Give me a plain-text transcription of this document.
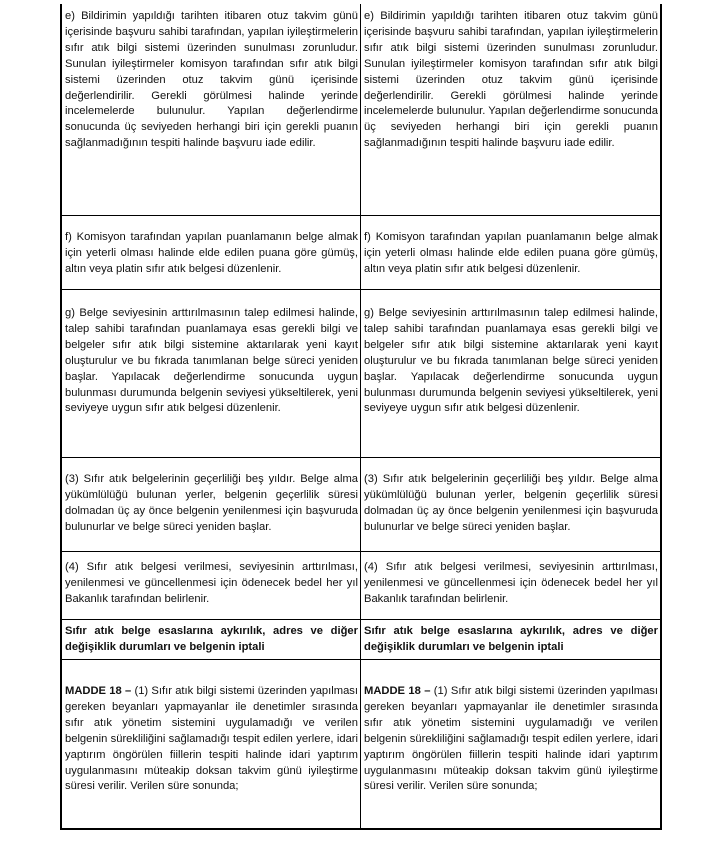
e) Bildirimin yapıldığı tarihten itibaren otuz takvim günü içerisinde başvuru sahibi tarafından, yapılan iyileştirmelerin sıfır atık bilgi sistemi üzerinden sunulması zorunludur. Sunulan iyileştirmeler komisyon tarafından sıfır atık bilgi sistemi üzerinden otuz takvim günü içerisinde değerlendirilir. Gerekli görülmesi halinde yerinde incelemelerde bulunulur. Yapılan değerlendirme sonucunda üç seviyeden herhangi biri için gerekli puanın sağlanmadığının tespiti halinde başvuru iade edilir.

e) Bildirimin yapıldığı tarihten itibaren otuz takvim günü içerisinde başvuru sahibi tarafından, yapılan iyileştirmelerin sıfır atık bilgi sistemi üzerinden sunulması zorunludur. Sunulan iyileştirmeler komisyon tarafından sıfır atık bilgi sistemi üzerinden otuz takvim günü içerisinde değerlendirilir. Gerekli görülmesi halinde yerinde incelemelerde bulunulur. Yapılan değerlendirme sonucunda üç seviyeden herhangi biri için gerekli puanın sağlanmadığının tespiti halinde başvuru iade edilir.

f) Komisyon tarafından yapılan puanlamanın belge almak için yeterli olması halinde elde edilen puana göre gümüş, altın veya platin sıfır atık belgesi düzenlenir.

f) Komisyon tarafından yapılan puanlamanın belge almak için yeterli olması halinde elde edilen puana göre gümüş, altın veya platin sıfır atık belgesi düzenlenir.

g) Belge seviyesinin arttırılmasının talep edilmesi halinde, talep sahibi tarafından puanlamaya esas gerekli bilgi ve belgeler sıfır atık bilgi sistemine aktarılarak yeni kayıt oluşturulur ve bu fıkrada tanımlanan belge süreci yeniden başlar. Yapılacak değerlendirme sonucunda uygun bulunması durumunda belgenin seviyesi yükseltilerek, yeni seviyeye uygun sıfır atık belgesi düzenlenir.

g) Belge seviyesinin arttırılmasının talep edilmesi halinde, talep sahibi tarafından puanlamaya esas gerekli bilgi ve belgeler sıfır atık bilgi sistemine aktarılarak yeni kayıt oluşturulur ve bu fıkrada tanımlanan belge süreci yeniden başlar. Yapılacak değerlendirme sonucunda uygun bulunması durumunda belgenin seviyesi yükseltilerek, yeni seviyeye uygun sıfır atık belgesi düzenlenir.

(3) Sıfır atık belgelerinin geçerliliği beş yıldır. Belge alma yükümlülüğü bulunan yerler, belgenin geçerlilik süresi dolmadan üç ay önce belgenin yenilenmesi için başvuruda bulunurlar ve belge süreci yeniden başlar.

(3) Sıfır atık belgelerinin geçerliliği beş yıldır. Belge alma yükümlülüğü bulunan yerler, belgenin geçerlilik süresi dolmadan üç ay önce belgenin yenilenmesi için başvuruda bulunurlar ve belge süreci yeniden başlar.

(4) Sıfır atık belgesi verilmesi, seviyesinin arttırılması, yenilenmesi ve güncellenmesi için ödenecek bedel her yıl Bakanlık tarafından belirlenir.

(4) Sıfır atık belgesi verilmesi, seviyesinin arttırılması, yenilenmesi ve güncellenmesi için ödenecek bedel her yıl Bakanlık tarafından belirlenir.

Sıfır atık belge esaslarına aykırılık, adres ve diğer değişiklik durumları ve belgenin iptali

Sıfır atık belge esaslarına aykırılık, adres ve diğer değişiklik durumları ve belgenin iptali

MADDE 18 – (1) Sıfır atık bilgi sistemi üzerinden yapılması gereken beyanları yapmayanlar ile denetimler sırasında sıfır atık yönetim sistemini uygulamadığı ve verilen belgenin sürekliliğini sağlamadığı tespit edilen yerlere, idari yaptırım öngörülen fiillerin tespiti halinde idari yaptırım uygulanmasını müteakip doksan takvim günü iyileştirme süresi verilir. Verilen süre sonunda;

MADDE 18 – (1) Sıfır atık bilgi sistemi üzerinden yapılması gereken beyanları yapmayanlar ile denetimler sırasında sıfır atık yönetim sistemini uygulamadığı ve verilen belgenin sürekliliğini sağlamadığı tespit edilen yerlere, idari yaptırım öngörülen fiillerin tespiti halinde idari yaptırım uygulanmasını müteakip doksan takvim günü iyileştirme süresi verilir. Verilen süre sonunda;
